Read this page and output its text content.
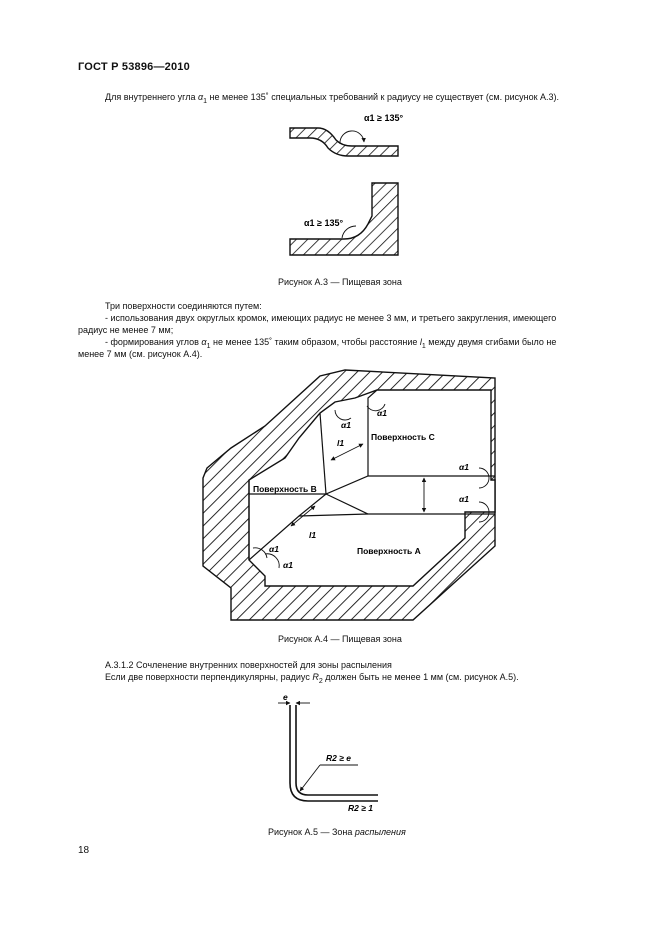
ГОСТ Р 53896—2010
Для внутреннего угла $\alpha_1$ не менее 135˚ специальных требований к радиусу не существует (см. рисунок А.3).
α1 ≥ 135°
α1 ≥ 135°
Рисунок А.3 — Пищевая зона
Три поверхности соединяются путем:
- использования двух округлых кромок, имеющих радиус не менее 3 мм, и третьего закругления, имеющего
радиус не менее 7 мм;
- формирования углов $\alpha_1$ не менее 135˚ таким образом, чтобы расстояние $l_1$ между двумя сгибами было не
менее 7 мм (см. рисунок А.4).
Поверхность С
Поверхность В
Поверхность А
α1
α1
α1
α1
α1
α1
l1
l1
Рисунок А.4 — Пищевая зона
А.3.1.2 Сочленение внутренних поверхностей для зоны распыления
Если две поверхности перпендикулярны, радиус $R_2$ должен быть не менее 1 мм (см. рисунок А.5).
e
R2 ≥ e
R2 ≥ 1
Рисунок А.5 — Зона распыления
18
